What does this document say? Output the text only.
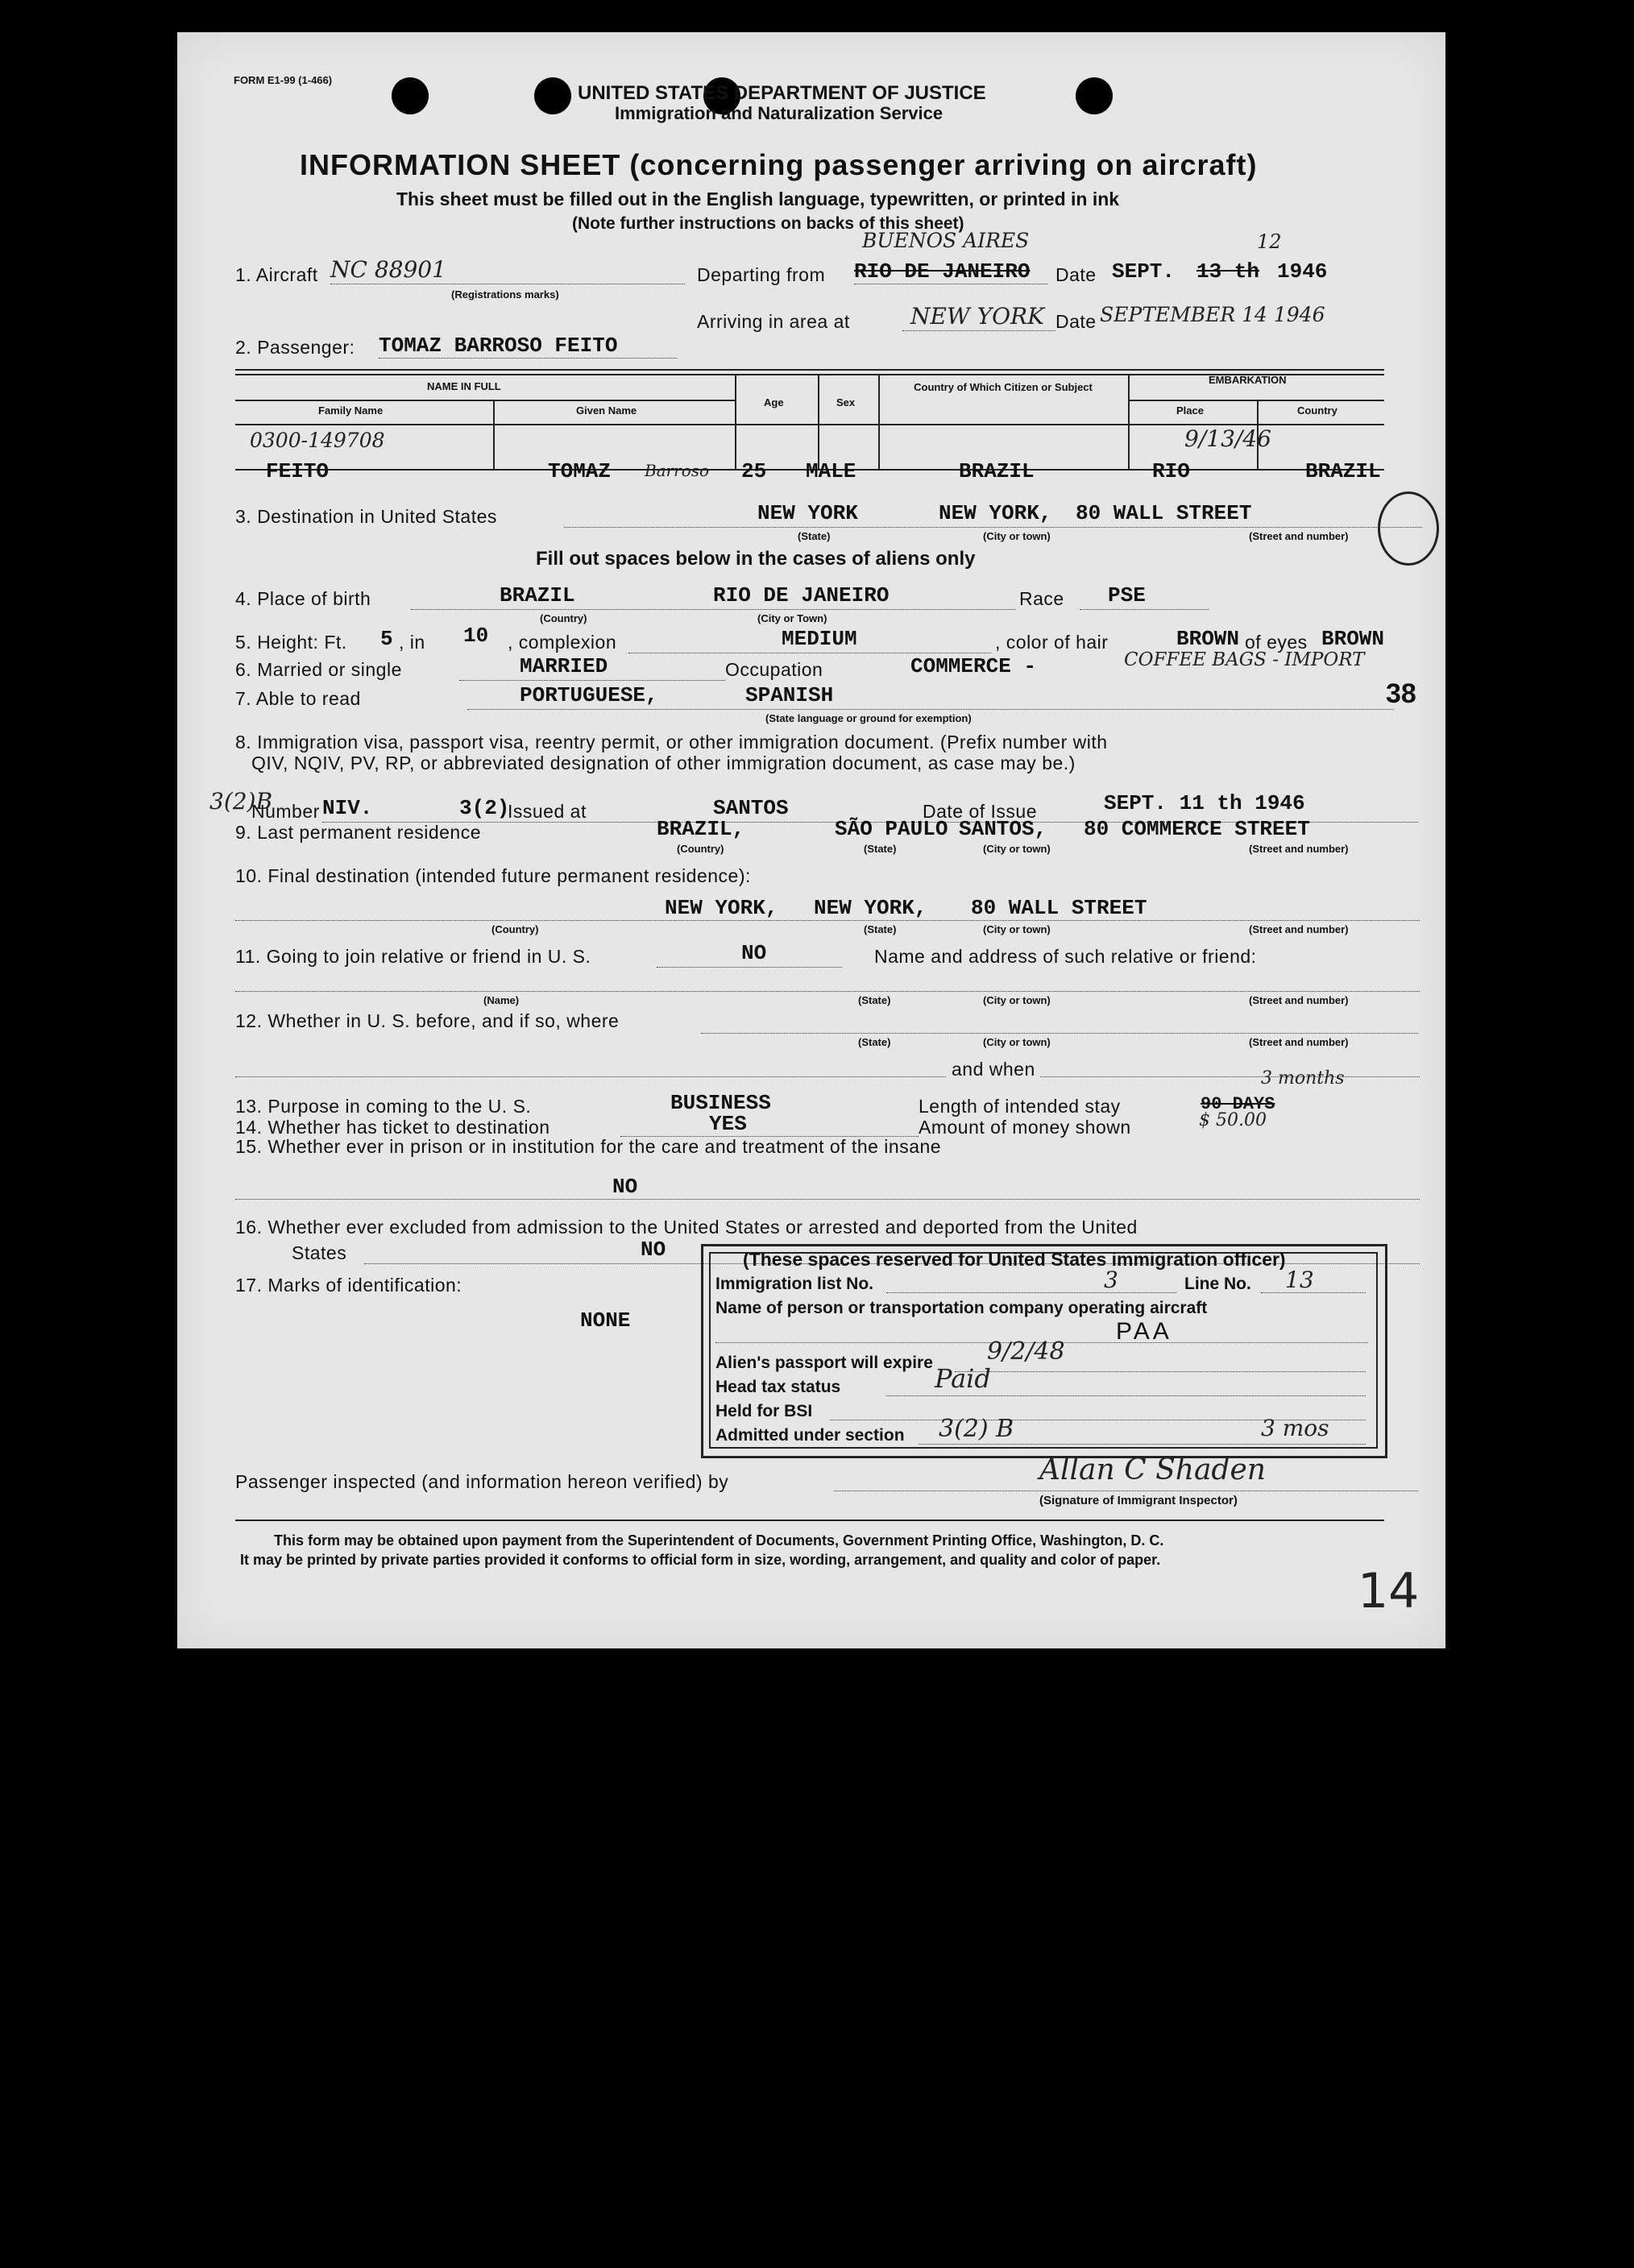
FORM E1-99 (1-466)
UNITED STATES DEPARTMENT OF JUSTICE
Immigration and Naturalization Service
INFORMATION SHEET (concerning passenger arriving on aircraft)
This sheet must be filled out in the English language, typewritten, or printed in ink
(Note further instructions on backs of this sheet)
1. Aircraft NC 88901
(Registrations marks)
Departing from
BUENOS AIRES
RIO DE JANEIRO Date SEPT.
12
13 th 1946
Arriving in area at	NEW YORK Date SEPTEMBER 14 1946
2. Passenger: TOMAZ BARROSO FEITO
NAME IN FULL
Family Name	Given Name
Age	Sex
Country of Which Citizen or Subject
EMBARKATION
Place	Country
0300-149708	9/13/46
FEITO	TOMAZ Barroso 25 MALE	BRAZIL	RIO	BRAZIL
3. Destination in United States	NEW YORK	NEW YORK, 80 WALL STREET
(State)	(City or town)	(Street and number)
Fill out spaces below in the cases of aliens only
4. Place of birth	BRAZIL	RIO DE JANEIRO	Race PSE
(Country)	(City or Town)
5. Height: Ft. 5 , in 10 , complexion	MEDIUM	, color of hair	BROWN of eyes BROWN
6. Married or single	MARRIED	Occupation	COMMERCE -	COFFEE BAGS - IMPORT
7. Able to read	PORTUGUESE,	SPANISH
(State language or ground for exemption)
38
8. Immigration visa, passport visa, reentry permit, or other immigration document. (Prefix number with
QIV, NQIV, PV, RP, or abbreviated designation of other immigration document, as case may be.)
3(2)B
Number NIV.	3(2)
Issued at	SANTOS	Date of Issue	SEPT. 11 th 1946
9. Last permanent residence	BRAZIL,	SÃO PAULO SANTOS, 80 COMMERCE STREET
(Country)	(State)	(City or town)	(Street and number)
10. Final destination (intended future permanent residence):
NEW YORK, NEW YORK, 80 WALL STREET
(Country)	(State)	(City or town)	(Street and number)
11. Going to join relative or friend in U. S.	NO	Name and address of such relative or friend:
(Name)	(State)	(City or town)	(Street and number)
12. Whether in U. S. before, and if so, where
(State)	(City or town)	(Street and number)
and when
13. Purpose in coming to the U. S.	BUSINESS	Length of intended stay	90 DAYS
3 months
14. Whether has ticket to destination	YES	Amount of money shown	$ 50.00
15. Whether ever in prison or in institution for the care and treatment of the insane
NO
16. Whether ever excluded from admission to the United States or arrested and deported from the United
States	NO
17. Marks of identification:
NONE
(These spaces reserved for United States immigration officer)
Immigration list No.	3	Line No. 13
Name of person or transportation company operating aircraft
PAA
Alien's passport will expire 9/2/48
Head tax status	Paid
Held for BSI
Admitted under section 3(2) B	3 mos
Passenger inspected (and information hereon verified) by	Allan C Shaden
(Signature of Immigrant Inspector)
This form may be obtained upon payment from the Superintendent of Documents, Government Printing Office, Washington, D. C.
It may be printed by private parties provided it conforms to official form in size, wording, arrangement, and quality and color of paper.
14
